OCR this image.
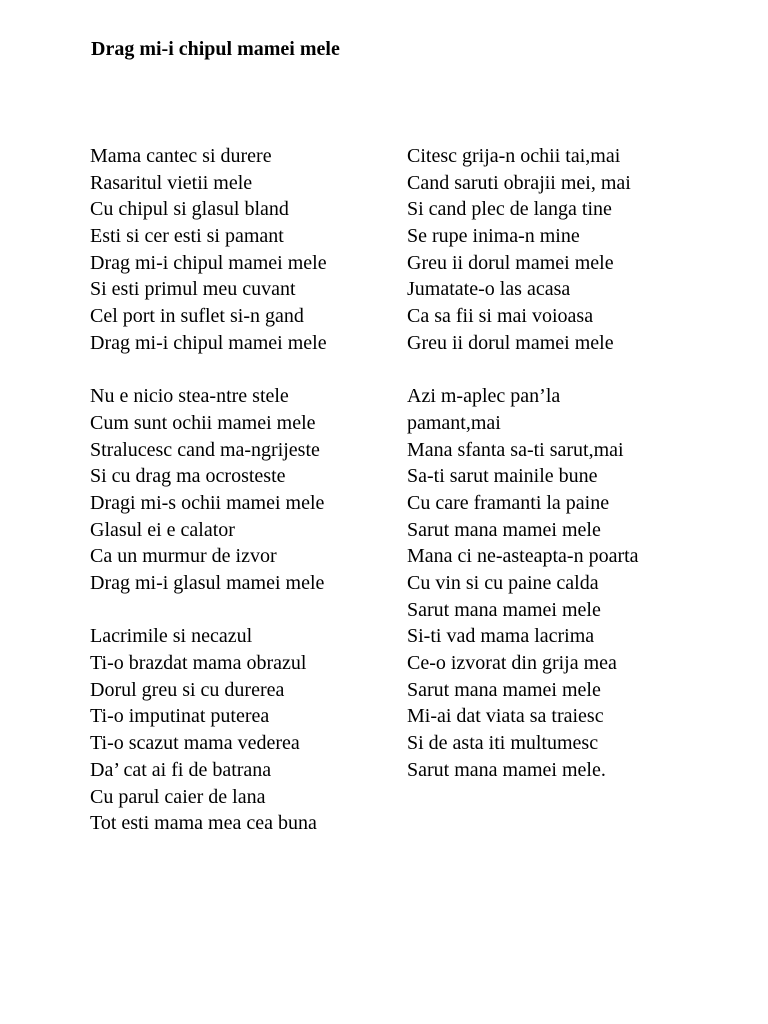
Drag mi-i chipul mamei mele
Mama cantec si durere
Rasaritul vietii mele
Cu chipul si glasul bland
Esti si cer esti si pamant
Drag mi-i chipul mamei mele
Si esti primul meu cuvant
Cel port in suflet si-n gand
Drag mi-i chipul mamei mele
Nu e nicio stea-ntre stele
Cum sunt ochii mamei mele
Stralucesc cand ma-ngrijeste
Si cu drag ma ocrosteste
Dragi mi-s ochii mamei mele
Glasul ei e calator
Ca un murmur de izvor
Drag mi-i glasul mamei mele
Lacrimile si necazul
Ti-o brazdat mama obrazul
Dorul greu si cu durerea
Ti-o imputinat puterea
Ti-o scazut mama vederea
Da’ cat ai fi de batrana
Cu parul caier de lana
Tot esti mama mea cea buna
Citesc grija-n ochii tai,mai
Cand saruti obrajii mei, mai
Si cand plec de langa tine
Se rupe inima-n mine
Greu ii dorul mamei mele
Jumatate-o las acasa
Ca sa fii si mai voioasa
Greu ii dorul mamei mele
Azi m-aplec pan’la
pamant,mai
Mana sfanta sa-ti sarut,mai
Sa-ti sarut mainile bune
Cu care framanti la paine
Sarut mana mamei mele
Mana ci ne-asteapta-n poarta
Cu vin si cu paine calda
Sarut mana mamei mele
Si-ti vad mama lacrima
Ce-o izvorat din grija mea
Sarut mana mamei mele
Mi-ai dat viata sa traiesc
Si de asta iti multumesc
Sarut mana mamei mele.
